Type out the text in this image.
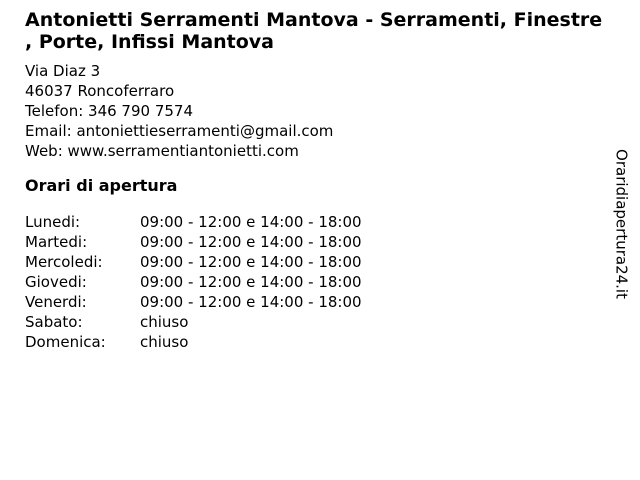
Antonietti Serramenti Mantova - Serramenti, Finestre
, Porte, Infissi Mantova
Via Diaz 3
46037 Roncoferraro
Telefon: 346 790 7574
Email: antoniettieserramenti@gmail.com
Web: www.serramentiantonietti.com
Orari di apertura
Lunedi:	09:00 - 12:00 e 14:00 - 18:00
Martedi:	09:00 - 12:00 e 14:00 - 18:00
Mercoledi:	09:00 - 12:00 e 14:00 - 18:00
Giovedi:	09:00 - 12:00 e 14:00 - 18:00
Venerdi:	09:00 - 12:00 e 14:00 - 18:00
Sabato:	chiuso
Domenica:	chiuso
Oraridiapertura24.it
